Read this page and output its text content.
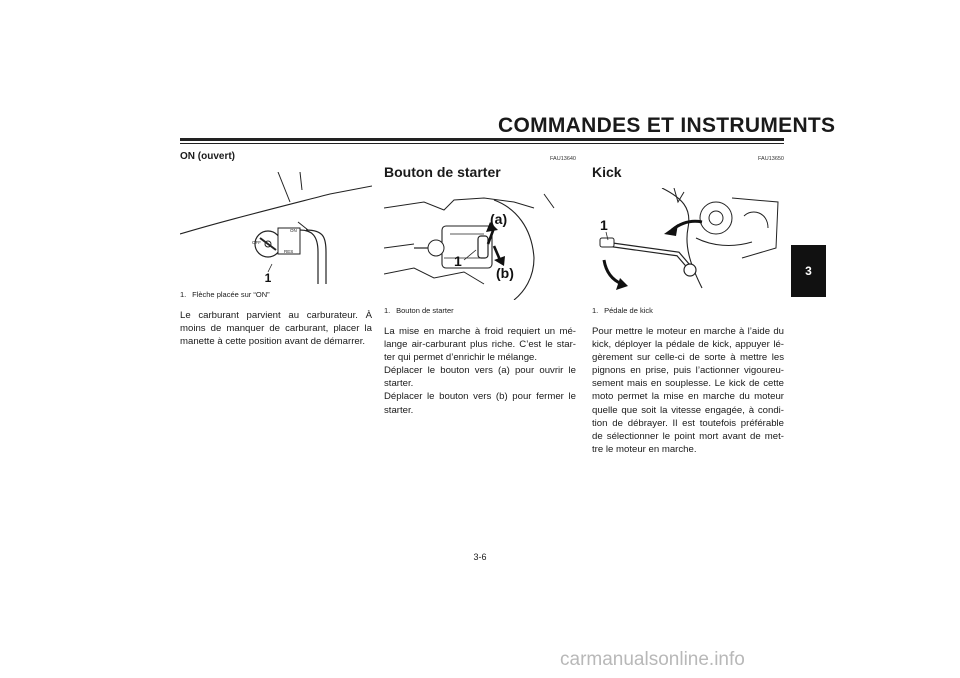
COMMANDES ET INSTRUMENTS
3
ON (ouvert)
OFF
RES
ON
1
1. Flèche placée sur “ON”
Le carburant parvient au carburateur. À moins de manquer de carburant, placer la manette à cette position avant de démarrer.
FAU13640
Bouton de starter
(a)
(b)
1
1. Bouton de starter

La mise en marche à froid requiert un mé-lange air-carburant plus riche. C’est le star-ter qui permet d’enrichir le mélange.

Déplacer le bouton vers (a) pour ouvrir le starter.

Déplacer le bouton vers (b) pour fermer le starter.

FAU13650
Kick
1
1. Pédale de kick
Pour mettre le moteur en marche à l’aide du kick, déployer la pédale de kick, appuyer lé-gèrement sur celle-ci de sorte à mettre les pignons en prise, puis l’actionner vigoureu-sement mais en souplesse. Le kick de cette moto permet la mise en marche du moteur quelle que soit la vitesse engagée, à condi-tion de débrayer. Il est toutefois préférable de sélectionner le point mort avant de met-tre le moteur en marche.
3-6
carmanualsonline.info
